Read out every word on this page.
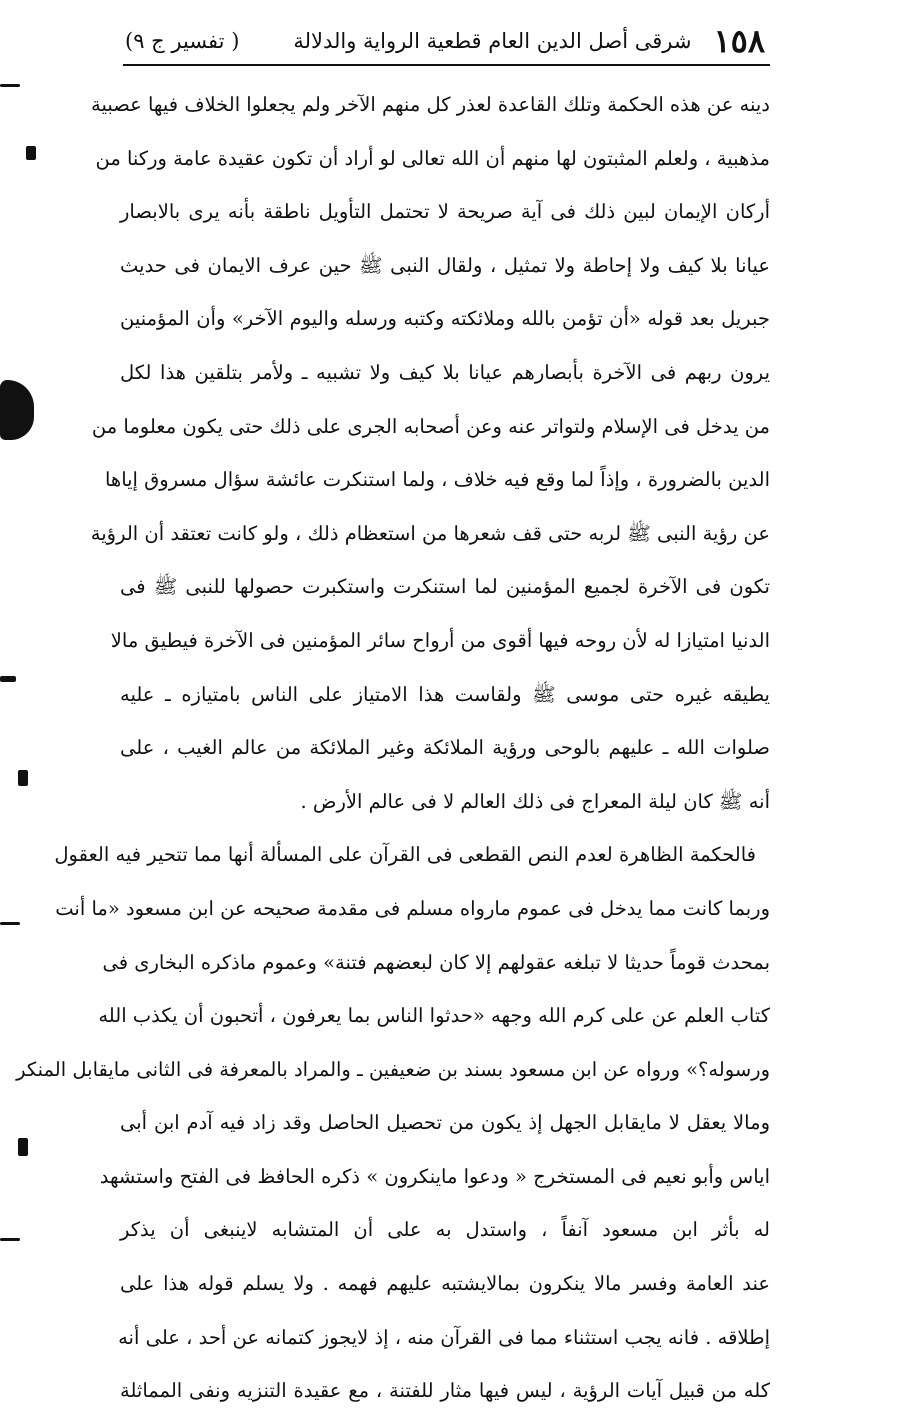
١٥٨
شرقى أصل الدين العام قطعية الرواية والدلالة
( تفسير ج ٩)
دينه عن هذه الحكمة وتلك القاعدة لعذر كل منهم الآخر ولم يجعلوا الخلاف فيها عصبية
مذهبية ، ولعلم المثبتون لها منهم أن الله تعالى لو أراد أن تكون عقيدة عامة وركنا من
أركان الإيمان لبين ذلك فى آية صريحة لا تحتمل التأويل ناطقة بأنه يرى بالابصار
عيانا بلا كيف ولا إحاطة ولا تمثيل ، ولقال النبى ﷺ حين عرف الايمان فى حديث
جبريل بعد قوله «أن تؤمن بالله وملائكته وكتبه ورسله واليوم الآخر» وأن المؤمنين
يرون ربهم فى الآخرة بأبصارهم عيانا بلا كيف ولا تشبيه ـ ولأمر بتلقين هذا لكل
من يدخل فى الإسلام ولتواتر عنه وعن أصحابه الجرى على ذلك حتى يكون معلوما من
الدين بالضرورة ، وإذاً لما وقع فيه خلاف ، ولما استنكرت عائشة سؤال مسروق إياها
عن رؤية النبى ﷺ لربه حتى قف شعرها من استعظام ذلك ، ولو كانت تعتقد أن الرؤية
تكون فى الآخرة لجميع المؤمنين لما استنكرت واستكبرت حصولها للنبى ﷺ فى
الدنيا امتيازا له لأن روحه فيها أقوى من أرواح سائر المؤمنين فى الآخرة فيطيق مالا
يطيقه غيره حتى موسى ﷺ ولقاست هذا الامتياز على الناس بامتيازه ـ عليه
صلوات الله ـ عليهم بالوحى ورؤية الملائكة وغير الملائكة من عالم الغيب ، على
أنه ﷺ كان ليلة المعراج فى ذلك العالم لا فى عالم الأرض .
فالحكمة الظاهرة لعدم النص القطعى فى القرآن على المسألة أنها مما تتحير فيه العقول
وربما كانت مما يدخل فى عموم مارواه مسلم فى مقدمة صحيحه عن ابن مسعود «ما أنت
بمحدث قوماً حديثا لا تبلغه عقولهم إلا كان لبعضهم فتنة» وعموم ماذكره البخارى فى
كتاب العلم عن على كرم الله وجهه «حدثوا الناس بما يعرفون ، أتحبون أن يكذب الله
ورسوله؟» ورواه عن ابن مسعود بسند بن ضعيفين ـ والمراد بالمعرفة فى الثانى مايقابل المنكر
ومالا يعقل لا مايقابل الجهل إذ يكون من تحصيل الحاصل وقد زاد فيه آدم ابن أبى
اياس وأبو نعيم فى المستخرج « ودعوا ماينكرون » ذكره الحافظ فى الفتح واستشهد
له بأثر ابن مسعود آنفاً ، واستدل به على أن المتشابه لاينبغى أن يذكر
عند العامة وفسر مالا ينكرون بمالايشتبه عليهم فهمه . ولا يسلم قوله هذا على
إطلاقه . فانه يجب استثناء مما فى القرآن منه ، إذ لايجوز كتمانه عن أحد ، على أنه
كله من قبيل آيات الرؤية ، ليس فيها مثار للفتنة ، مع عقيدة التنزيه ونفى المماثلة
